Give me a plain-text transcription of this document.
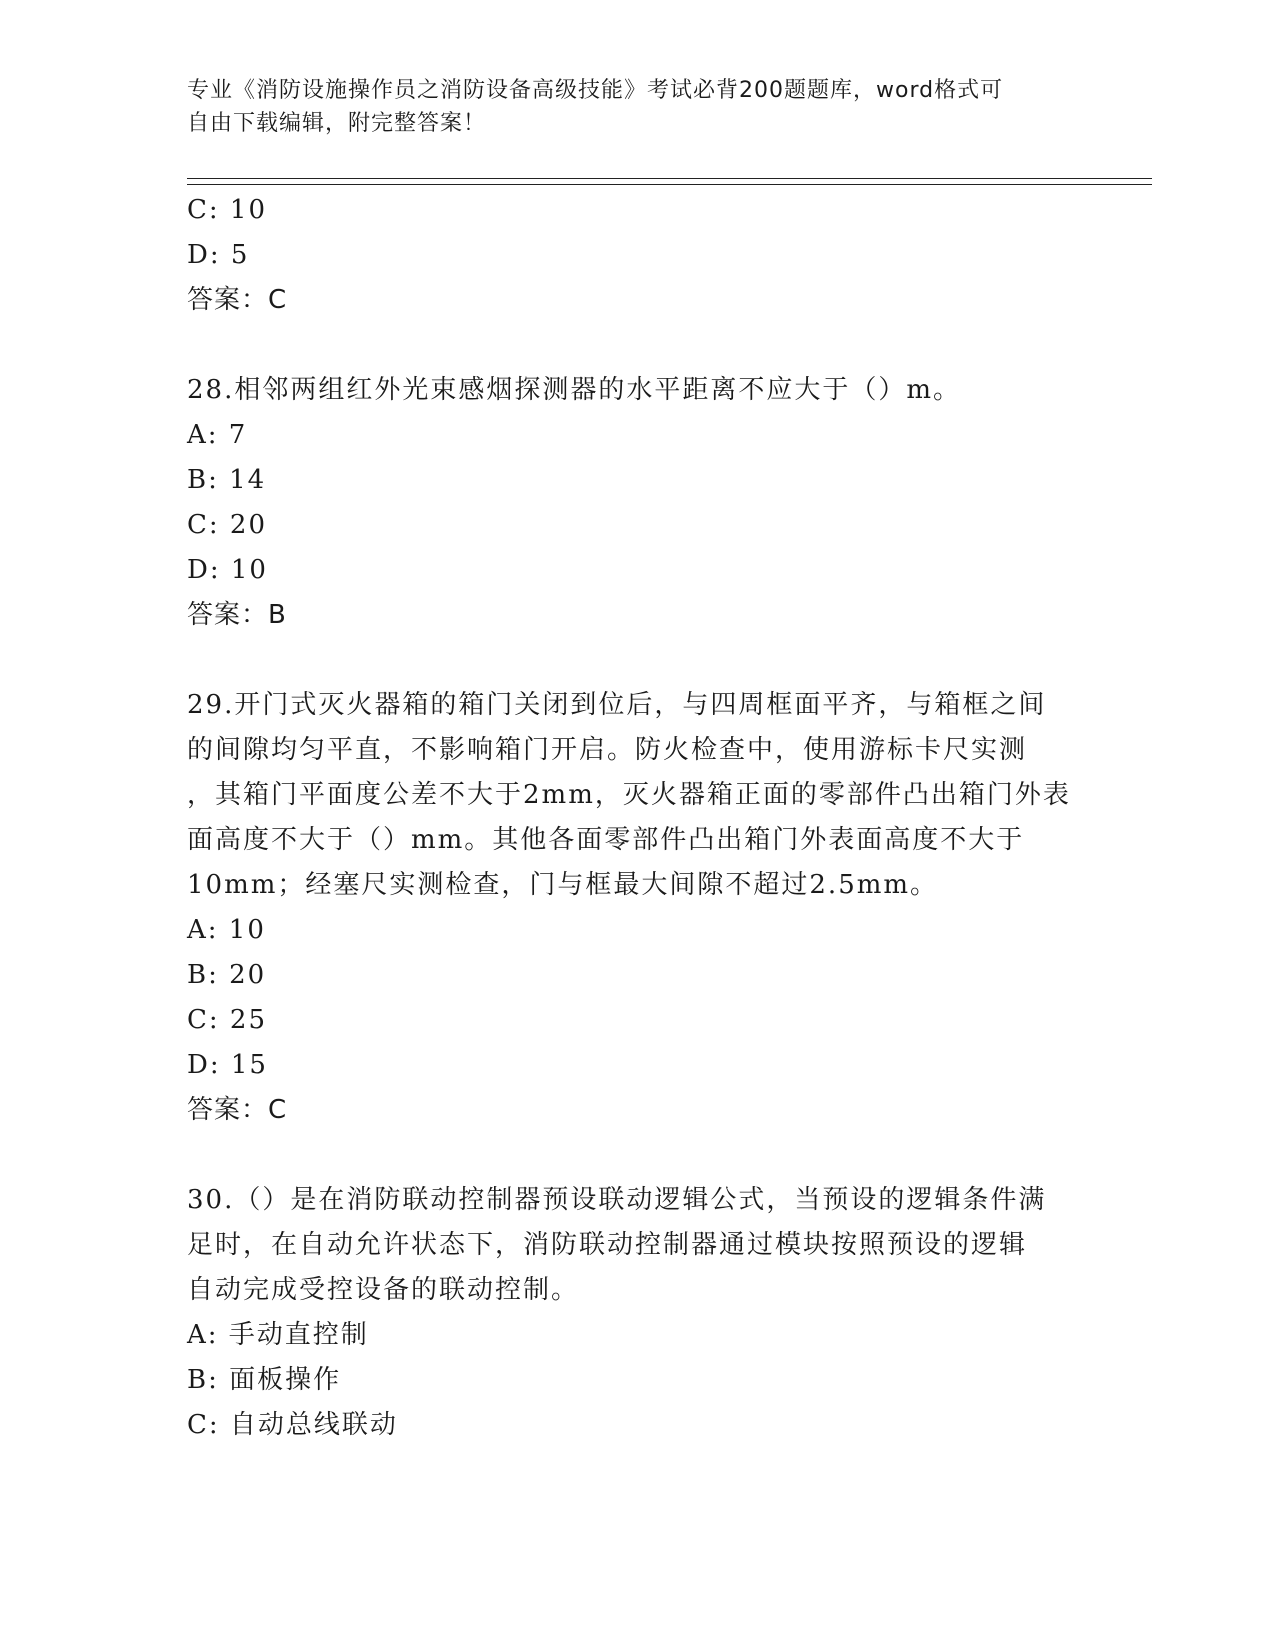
专业《消防设施操作员之消防设备高级技能》考试必背200题题库，word格式可
自由下载编辑，附完整答案！
C: 10
D: 5
答案：C
28.相邻两组红外光束感烟探测器的水平距离不应大于（）m。
A: 7
B: 14
C: 20
D: 10
答案：B
29.开门式灭火器箱的箱门关闭到位后，与四周框面平齐，与箱框之间
的间隙均匀平直，不影响箱门开启。防火检查中，使用游标卡尺实测
，其箱门平面度公差不大于2mm，灭火器箱正面的零部件凸出箱门外表
面高度不大于（）mm。其他各面零部件凸出箱门外表面高度不大于
10mm；经塞尺实测检查，门与框最大间隙不超过2.5mm。
A: 10
B: 20
C: 25
D: 15
答案：C
30.（）是在消防联动控制器预设联动逻辑公式，当预设的逻辑条件满
足时，在自动允许状态下，消防联动控制器通过模块按照预设的逻辑
自动完成受控设备的联动控制。
A: 手动直控制
B: 面板操作
C: 自动总线联动
